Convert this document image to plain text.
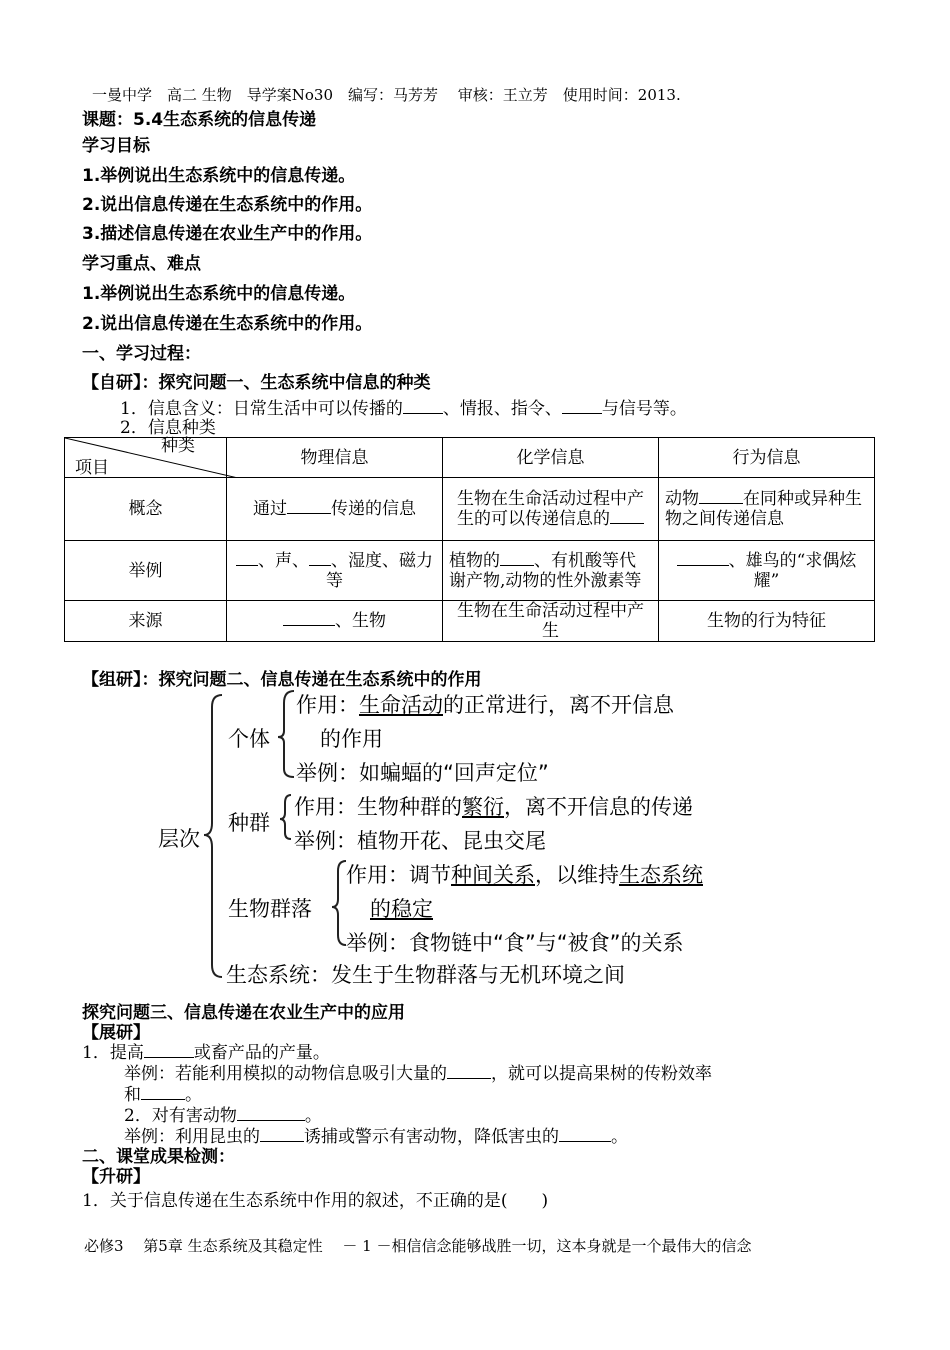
一曼中学　高二 生物　导学案No30　编写：马芳芳　 审核：王立芳　使用时间：2013.
课题：5.4生态系统的信息传递
学习目标
1.举例说出生态系统中的信息传递。
2.说出信息传递在生态系统中的作用。
3.描述信息传递在农业生产中的作用。
学习重点、难点
1.举例说出生态系统中的信息传递。
2.说出信息传递在生态系统中的作用。
一、学习过程：
【自研】：探究问题一、生态系统中信息的种类
1．信息含义：日常生活中可以传播的 、情报、指令、 与信号等。
2．信息种类
种类
项目	物理信息	化学信息	行为信息
概念	通过 传递的信息	生物在生命活动过程中产生的可以传递信息的	动物 在同种或异种生物之间传递信息
举例	、声、 、湿度、磁力等	植物的 、有机酸等代谢产物,动物的性外激素等	、雄鸟的“求偶炫耀”
来源	、生物	生物在生命活动过程中产生	生物的行为特征
【组研】：探究问题二、信息传递在生态系统中的作用
层次
个体
作用：生命活动的正常进行，离不开信息
的作用
举例：如蝙蝠的“回声定位”
种群
作用：生物种群的繁衍，离不开信息的传递
举例：植物开花、昆虫交尾
生物群落
作用：调节种间关系，以维持生态系统
的稳定
举例：食物链中“食”与“被食”的关系
生态系统：发生于生物群落与无机环境之间
探究问题三、信息传递在农业生产中的应用
【展研】
1．提高	或畜产品的产量。
举例：若能利用模拟的动物信息吸引大量的	，就可以提高果树的传粉效率
和	。
2．对有害动物	。
举例：利用昆虫的	诱捕或警示有害动物，降低害虫的	。
二、课堂成果检测：
【升研】
1．关于信息传递在生态系统中作用的叙述，不正确的是(　　)
必修3　 第5章 生态系统及其稳定性　 － 1 －相信信念能够战胜一切，这本身就是一个最伟大的信念
